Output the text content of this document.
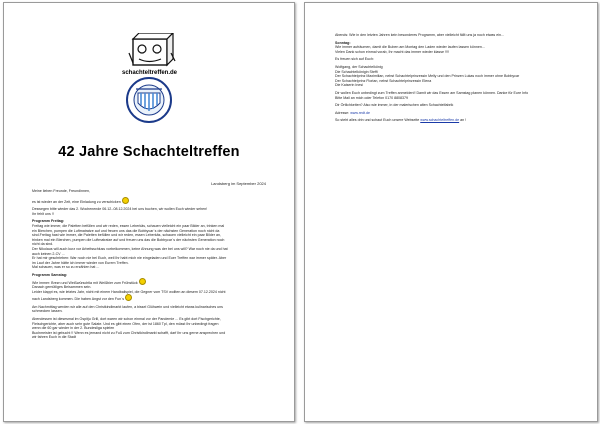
schachteltreffen.de
42 Jahre Schachteltreffen
Landsberg im September 2024
Meine lieben Freunde, Freundinnen,
es ist wieder an der Zeit, eine Einladung zu verschicken
Deswegen bitte wieder das 2. Wochenende 06.12.-08.12.2024 bei uns buchen, wir wollen Euch wieder sehen!
Ihr fehlt uns !!
Programm Freitag:
Freitag wie immer, die Paletten befüllen und wir reden, essen Leberkäs, schauen vielleicht ein paar Bilder an, trinken mal
ein Bierchen, pumpen die Luftmatratze auf und freuen uns das die Bobbycar´s der nächsten Generation noch nicht da
sind.Freitag hast wie immer, die Paletten befüllen und wir reden, essen Leberkäs, schauen vielleicht ein paar Bilder an,
trinken mal ein Bierchen, pumpen die Luftmatratze auf und freuen uns das die Bobbycar´s der nächsten Generation noch
nicht da sind.
Der Nikolaus will auch kurz vor Arbeitsschluss vorbeikommen, keine Ahnung was der bei uns will? War noch nie da und hat
auch keinen 2-CV ...
Er hat mir geschrieben: War noch nie bei Euch, weil Ihr habt mich nie eingeladen und Euer Treffen war immer später. Aber
im Lauf der Jahre hätte ich immer wieder von Eurem Treffen.
Mal schauen, was er so zu erzählen hat ...
Programm Samstag:
Wie immer: Brezn und Weißwürschtla mit Weißbier zum Frühstück
Danach gemütliges Beisammen sein.
Leider klappt es, wie letztes Jahr, nicht mit einem Handballspiel, die Gegner vom TSV wollten an diesem 07.12.2024 nicht
nach Landsberg kommen. Die haben Angst vor den Fun´s
Am Nachmittag werden wir alle auf den Christkindlmarkt laufen, a bissel Glühwein und vielleicht etwas kulinarisches uns
schmecken lassen.
Abendessen ist diesesmal im Ospitju Grill, dort waren wir schon einmal vor der Pandemie ... Es gibt dort Fischgerichte,
Fleischgerichte, aber auch sehr gute Salate. Und es gibt einen Ofen, der ist 1860 Tpl, den müsst Ihr unbedingt fragen
wenn die 60 gar wieder in der 2. Bundesliga spielen
Buchmeister ist gebucht !! Wenn es jemand nicht zu Fuß zum Christkindlmarkt schafft, darf Ihr uns gerne ansprechen und
wir fahren Euch in die Stadt
Abends: Wie in den letzten Jahren kein besonderes Programm, aber vielleicht fällt uns ja noch etwas ein...
Sonntag:
Wie immer aufräumen, damit die Buben am Montag den Laden wieder laufen lassen können...
Vielen Dank schon einmal vorab, Ihr macht das immer wieder klasse !!!!
Es freuen sich auf Euch:
Wolfgang, der Schachtelkönig
Die Schachtelkönigin Steffi
Der Schachtelprinz Maximilian, nebst Schachtelprinzessin Melly und den Prinzen Lukas noch immer ohne Bobbycar
Der Schachtelprinz Florian, nebst Schachtelprinzessin Elena
Die Kaiserin Inesi
Dir wollen Euch unbedingt zum Treffen anmelden!! Damit wir das Essen am Samstag planen können. Danke für Eure Info
Bitte Mail an mich oder Telefon 0170 8808379
Dir Örtlichkeiten? Also wie immer, in der malerischen alten Schachtelfabrik
Adresse: www.redt.de
So steht alles drin und schaut Euch unsere Webseite www.schachteltreffen.de an !
